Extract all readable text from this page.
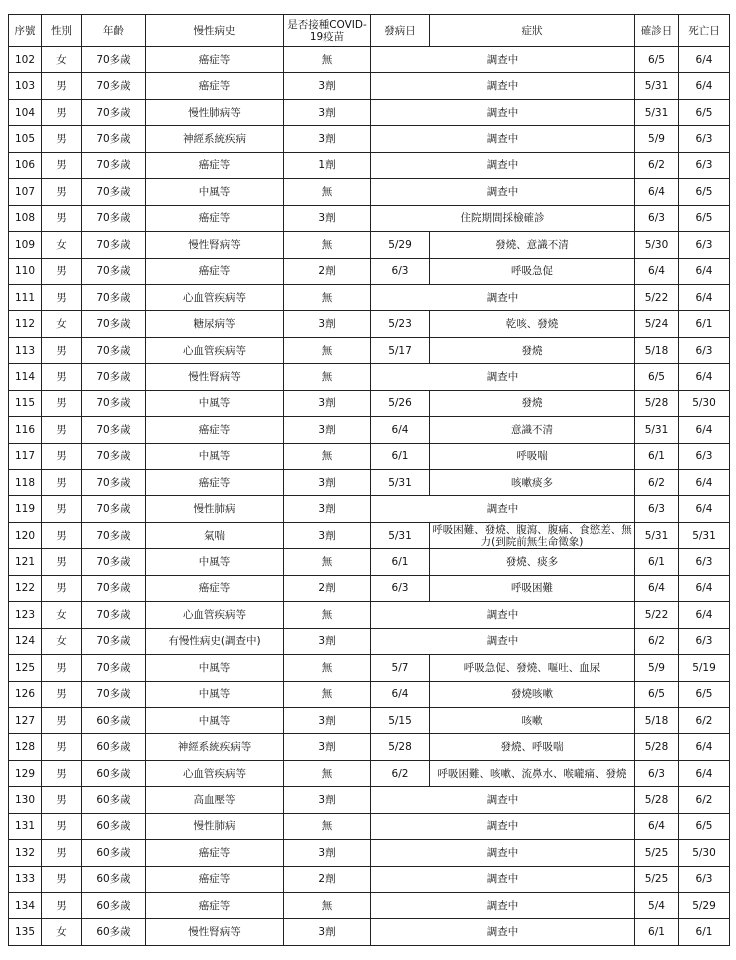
序號	性別	年齡	慢性病史	是否接種COVID-19疫苗	發病日	症狀	確診日	死亡日
102	女	70多歲	癌症等	無	調查中		6/5	6/4
103	男	70多歲	癌症等	3劑	調查中		5/31	6/4
104	男	70多歲	慢性肺病等	3劑	調查中		5/31	6/5
105	男	70多歲	神經系統疾病	3劑	調查中		5/9	6/3
106	男	70多歲	癌症等	1劑	調查中		6/2	6/3
107	男	70多歲	中風等	無	調查中		6/4	6/5
108	男	70多歲	癌症等	3劑	住院期間採檢確診		6/3	6/5
109	女	70多歲	慢性腎病等	無	5/29	發燒、意識不清	5/30	6/3
110	男	70多歲	癌症等	2劑	6/3	呼吸急促	6/4	6/4
111	男	70多歲	心血管疾病等	無	調查中		5/22	6/4
112	女	70多歲	糖尿病等	3劑	5/23	乾咳、發燒	5/24	6/1
113	男	70多歲	心血管疾病等	無	5/17	發燒	5/18	6/3
114	男	70多歲	慢性腎病等	無	調查中		6/5	6/4
115	男	70多歲	中風等	3劑	5/26	發燒	5/28	5/30
116	男	70多歲	癌症等	3劑	6/4	意識不清	5/31	6/4
117	男	70多歲	中風等	無	6/1	呼吸喘	6/1	6/3
118	男	70多歲	癌症等	3劑	5/31	咳嗽痰多	6/2	6/4
119	男	70多歲	慢性肺病	3劑	調查中		6/3	6/4
120	男	70多歲	氣喘	3劑	5/31	呼吸困難、發燒、腹瀉、腹痛、食慾差、無力(到院前無生命徵象)	5/31	5/31
121	男	70多歲	中風等	無	6/1	發燒、痰多	6/1	6/3
122	男	70多歲	癌症等	2劑	6/3	呼吸困難	6/4	6/4
123	女	70多歲	心血管疾病等	無	調查中		5/22	6/4
124	女	70多歲	有慢性病史(調查中)	3劑	調查中		6/2	6/3
125	男	70多歲	中風等	無	5/7	呼吸急促、發燒、嘔吐、血尿	5/9	5/19
126	男	70多歲	中風等	無	6/4	發燒咳嗽	6/5	6/5
127	男	60多歲	中風等	3劑	5/15	咳嗽	5/18	6/2
128	男	60多歲	神經系統疾病等	3劑	5/28	發燒、呼吸喘	5/28	6/4
129	男	60多歲	心血管疾病等	無	6/2	呼吸困難、咳嗽、流鼻水、喉嚨痛、發燒	6/3	6/4
130	男	60多歲	高血壓等	3劑	調查中		5/28	6/2
131	男	60多歲	慢性肺病	無	調查中		6/4	6/5
132	男	60多歲	癌症等	3劑	調查中		5/25	5/30
133	男	60多歲	癌症等	2劑	調查中		5/25	6/3
134	男	60多歲	癌症等	無	調查中		5/4	5/29
135	女	60多歲	慢性腎病等	3劑	調查中		6/1	6/1
